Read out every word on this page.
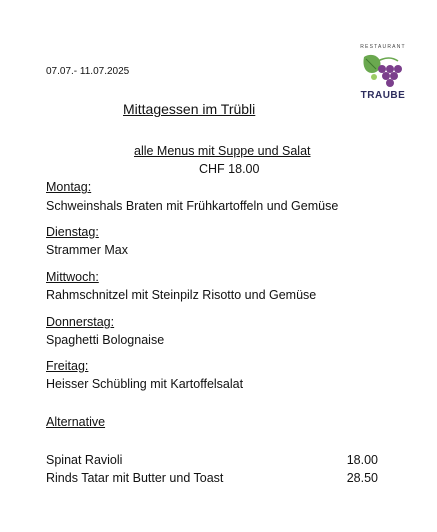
RESTAURANT
TRAUBE
07.07.- 11.07.2025
Mittagessen im Trübli
alle Menus mit Suppe und Salat
CHF 18.00
Montag:
Schweinshals Braten mit Frühkartoffeln und Gemüse
Dienstag:
Strammer Max
Mittwoch:
Rahmschnitzel mit Steinpilz Risotto und Gemüse
Donnerstag:
Spaghetti Bolognaise
Freitag:
Heisser Schübling mit Kartoffelsalat
Alternative
Spinat Ravioli	18.00
Rinds Tatar mit Butter und Toast	28.50
